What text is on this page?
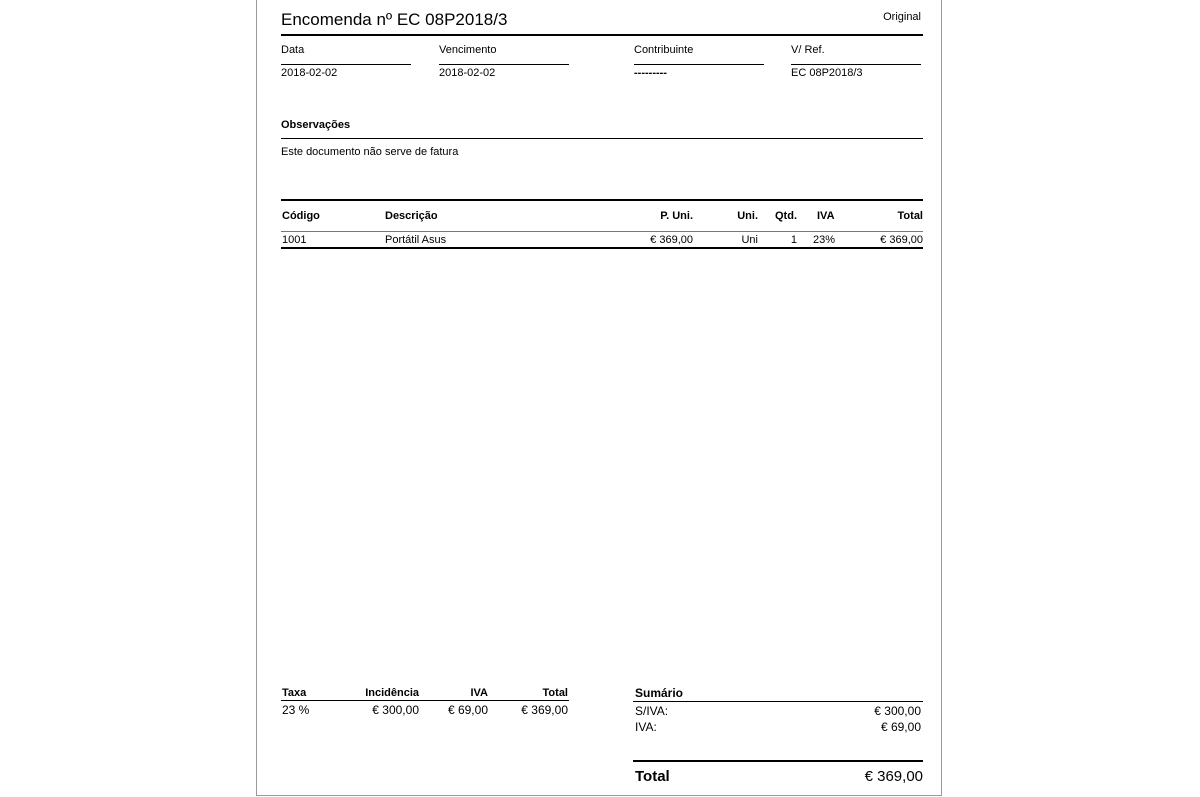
Encomenda nº EC 08P2018/3	Original
Data
2018-02-02
Vencimento
2018-02-02
Contribuinte
---------
V/ Ref.
EC 08P2018/3
Observações
Este documento não serve de fatura
Código	Descrição	P. Uni.	Uni.	Qtd. IVA	Total
1001	Portátil Asus	€ 369,00	Uni	1 23%	€ 369,00
Taxa	Incidência	IVA	Total
23 %	€ 300,00	€ 69,00	€ 369,00
Sumário
S/IVA:	€ 300,00
IVA:	€ 69,00
Total	€ 369,00
